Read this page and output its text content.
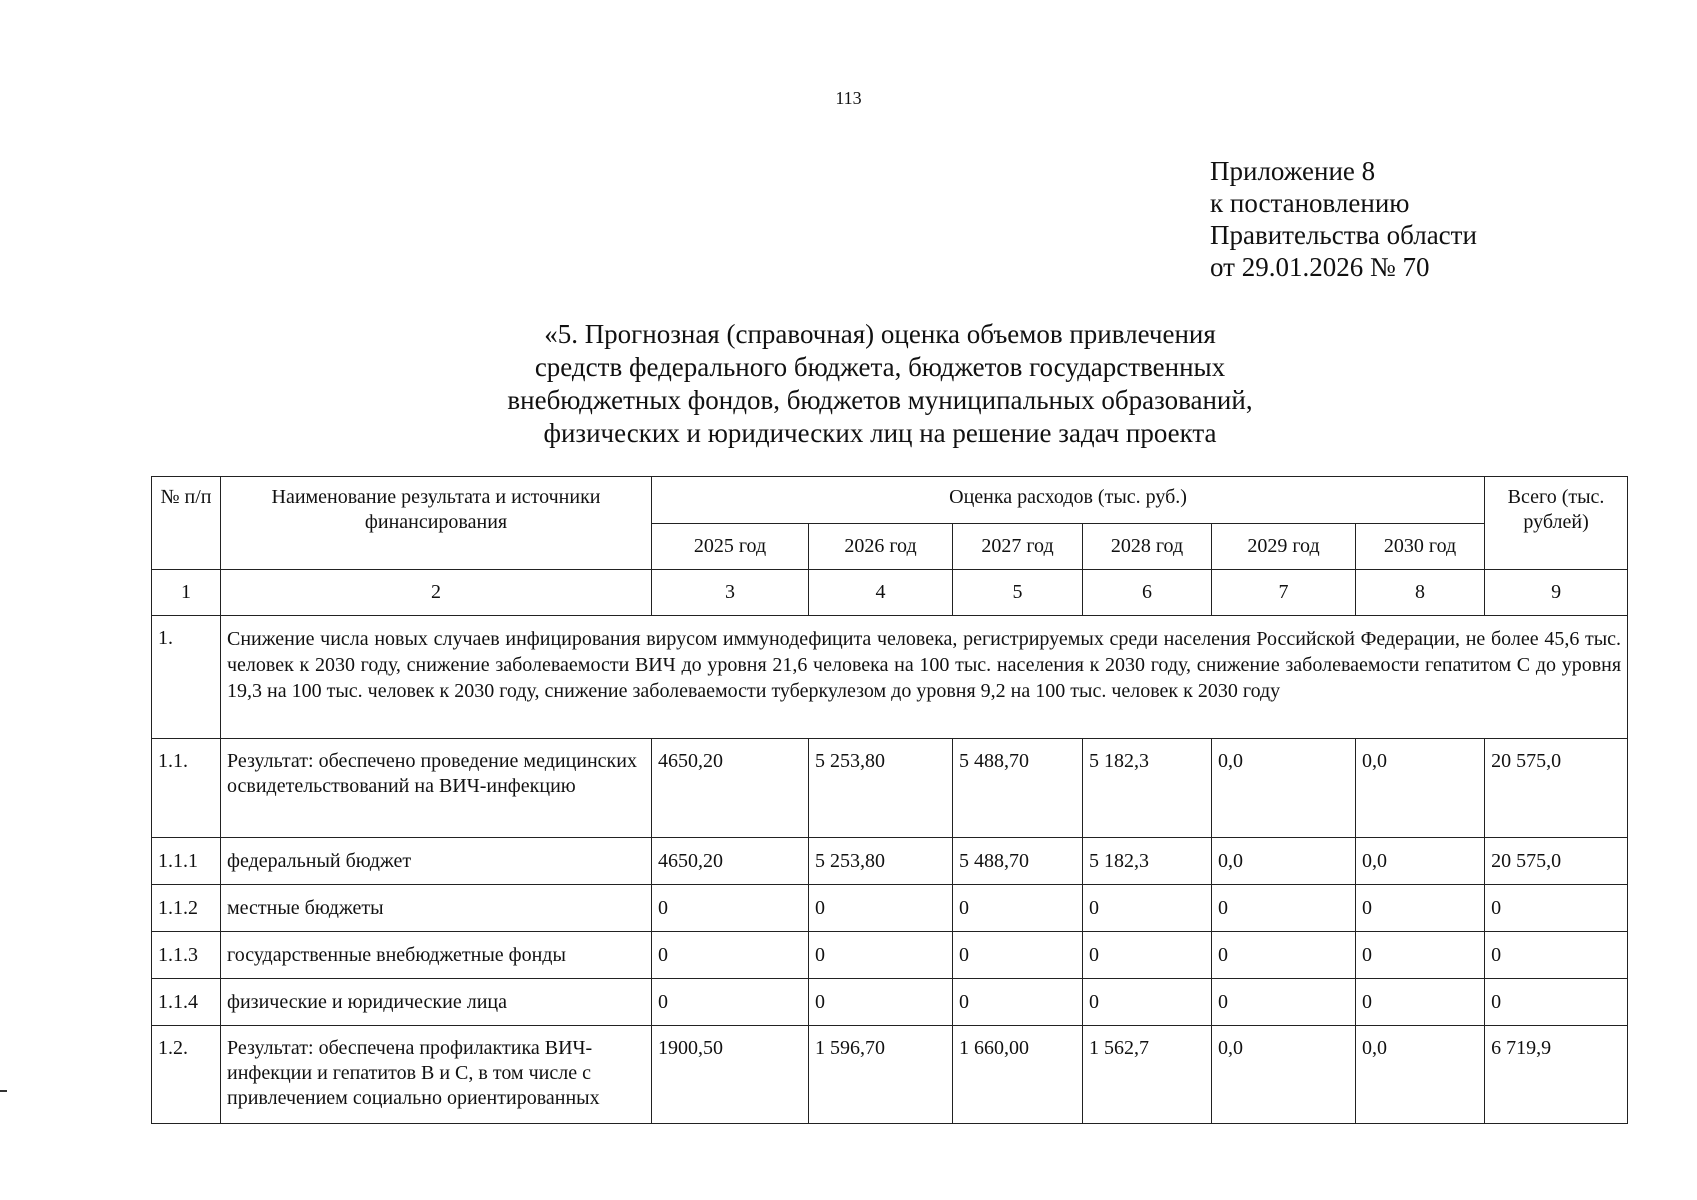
113
Приложение 8
к постановлению
Правительства области
от 29.01.2026 № 70
«5. Прогнозная (справочная) оценка объемов привлечения
средств федерального бюджета, бюджетов государственных
внебюджетных фондов, бюджетов муниципальных образований,
физических и юридических лиц на решение задач проекта
№ п/п	Наименование результата и источники финансирования	Оценка расходов (тыс. руб.)						Всего (тыс. рублей)
		2025 год	2026 год	2027 год	2028 год	2029 год	2030 год	
1	2	3	4	5	6	7	8	9
1.	Снижение числа новых случаев инфицирования вирусом иммунодефицита человека, регистрируемых среди населения Российской Федерации, не более 45,6 тыс. человек к 2030 году, снижение заболеваемости ВИЧ до уровня 21,6 человека на 100 тыс. населения к 2030 году, снижение заболеваемости гепатитом С до уровня 19,3 на 100 тыс. человек к 2030 году, снижение заболеваемости туберкулезом до уровня 9,2 на 100 тыс. человек к 2030 году							
1.1.	Результат: обеспечено проведение медицинских освидетельствований на ВИЧ-инфекцию	4650,20	5 253,80	5 488,70	5 182,3	0,0	0,0	20 575,0
1.1.1	федеральный бюджет	4650,20	5 253,80	5 488,70	5 182,3	0,0	0,0	20 575,0
1.1.2	местные бюджеты	0	0	0	0	0	0	0
1.1.3	государственные внебюджетные фонды	0	0	0	0	0	0	0
1.1.4	физические и юридические лица	0	0	0	0	0	0	0
1.2.	Результат: обеспечена профилактика ВИЧ-инфекции и гепатитов В и С, в том числе с привлечением социально ориентированных	1900,50	1 596,70	1 660,00	1 562,7	0,0	0,0	6 719,9
